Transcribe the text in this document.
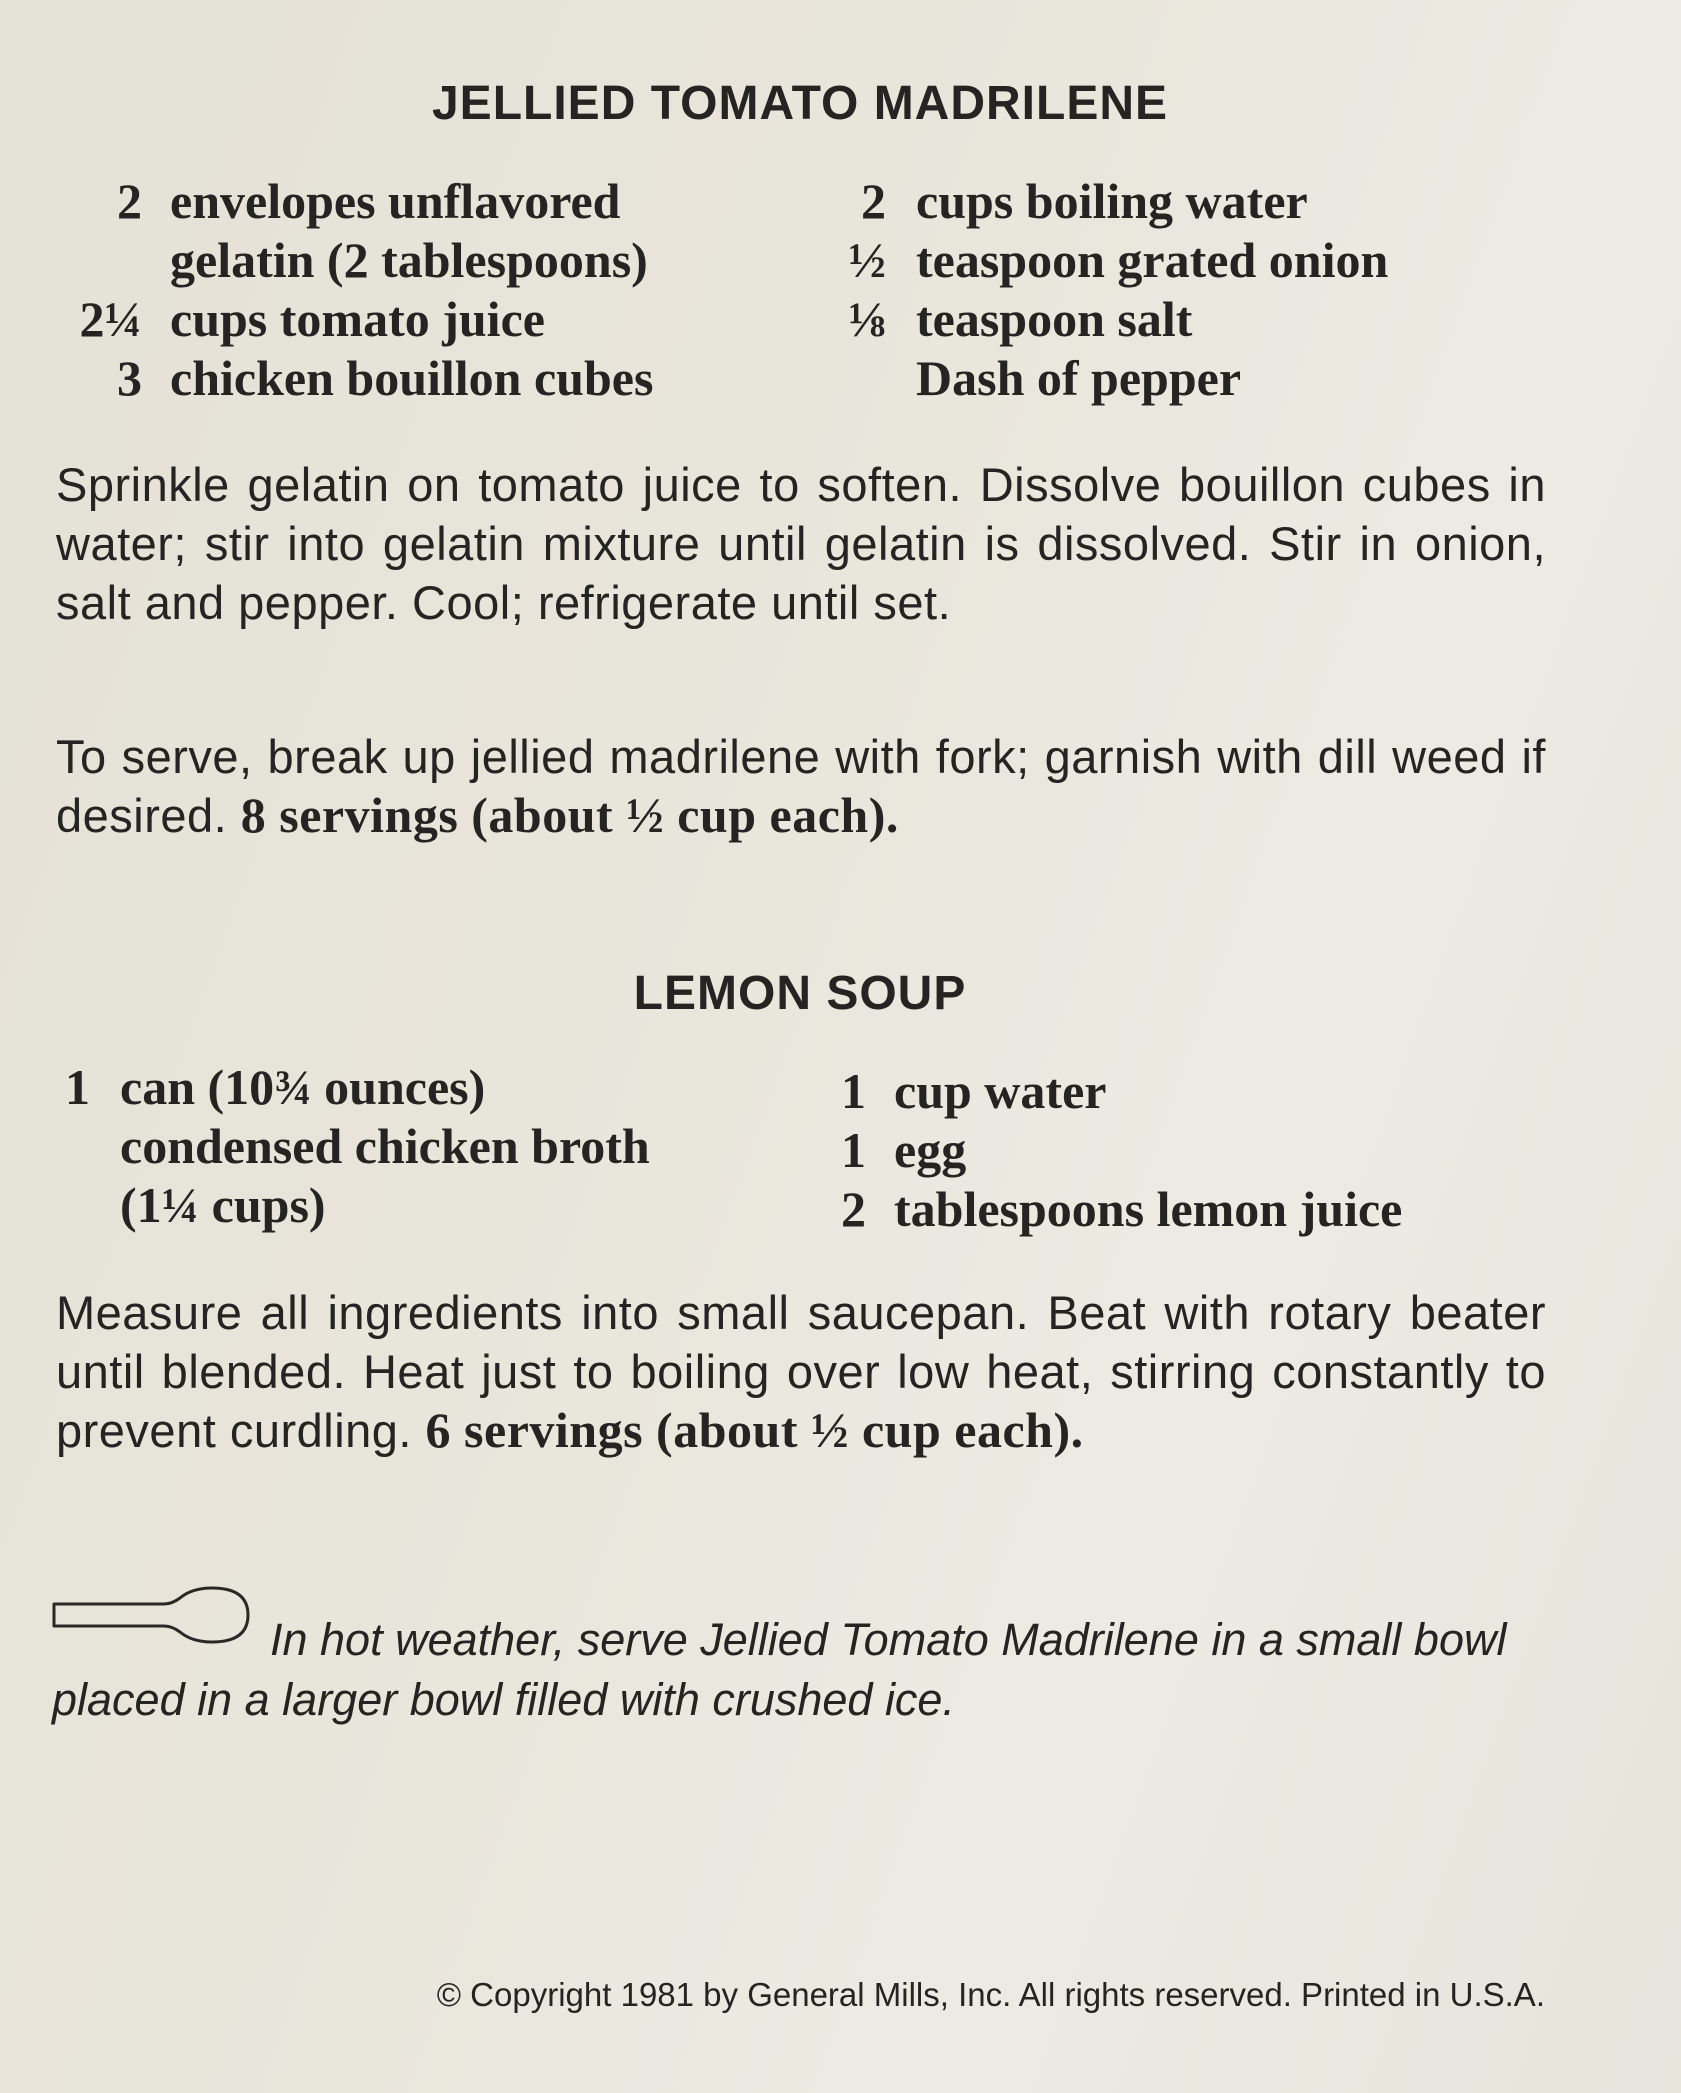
JELLIED TOMATO MADRILENE
2 envelopes unflavored
gelatin (2 tablespoons)
2¼ cups tomato juice
3 chicken bouillon cubes
2 cups boiling water
½ teaspoon grated onion
⅛ teaspoon salt
Dash of pepper
Sprinkle gelatin on tomato juice to soften. Dissolve bouillon cubes in water; stir into gelatin mixture until gelatin is dissolved. Stir in onion, salt and pepper. Cool; refrigerate until set.
To serve, break up jellied madrilene with fork; garnish with dill weed if desired. 8 servings (about ½ cup each).
LEMON SOUP
1 can (10¾ ounces)
condensed chicken broth
(1¼ cups)
1 cup water
1 egg
2 tablespoons lemon juice
Measure all ingredients into small saucepan. Beat with rotary beater until blended. Heat just to boiling over low heat, stirring constantly to prevent curdling. 6 servings (about ½ cup each).
In hot weather, serve Jellied Tomato Madrilene in a small bowl placed in a larger bowl filled with crushed ice.
© Copyright 1981 by General Mills, Inc. All rights reserved. Printed in U.S.A.
